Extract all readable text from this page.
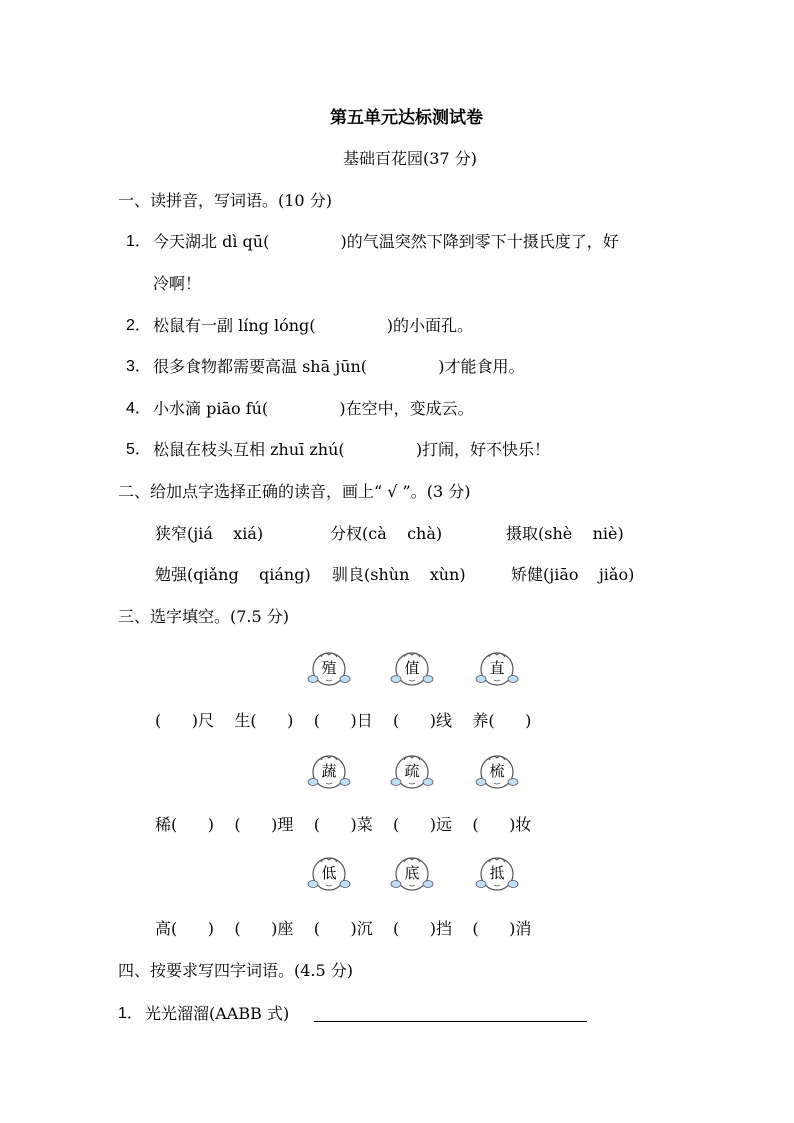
第五单元达标测试卷
基础百花园(37 分)
一、读拼音，写词语。(10 分)
1． 今天湖北 dì qū(              )的气温突然下降到零下十摄氏度了，好
冷啊！
2． 松鼠有一副 líng lóng(              )的小面孔。
3． 很多食物都需要高温 shā jūn(              )才能食用。
4． 小水滴 piāo fú(              )在空中，变成云。
5． 松鼠在枝头互相 zhuī zhú(              )打闹，好不快乐！
二、给加点字选择正确的读音，画上“ √ ”。(3 分)
狭窄(jiá    xiá)	分杈(cà    chà)	摄取(shè    niè)
勉强(qiǎng    qiáng) 驯良(shùn    xùn)	矫健(jiāo    jiǎo)
三、选字填空。(7.5 分)
殖	值	直
(      )尺    生(      )    (      )日    (      )线    养(      )
蔬	疏	梳
稀(      )    (      )理    (      )菜    (      )远    (      )妆
低	底	抵
高(      )    (      )座    (      )沉    (      )挡    (      )消
四、按要求写四字词语。(4.5 分)
1． 光光溜溜(AABB 式)
